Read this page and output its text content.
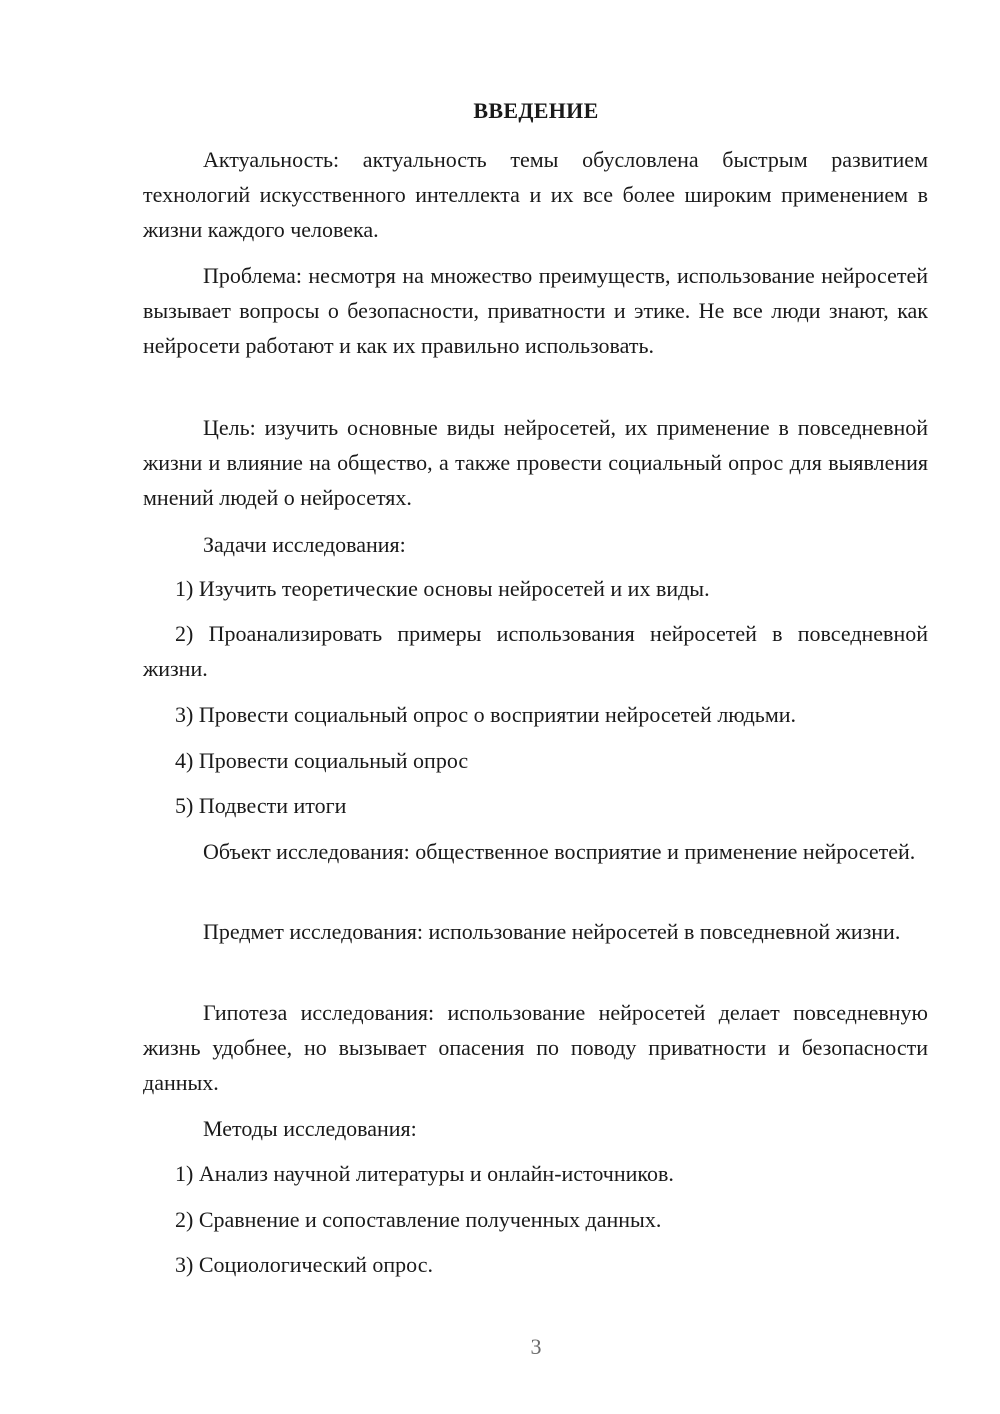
ВВЕДЕНИЕ

Актуальность: актуальность темы обусловлена быстрым развитием технологий искусственного интеллекта и их все более широким применением в жизни каждого человека.

Проблема: несмотря на множество преимуществ, использование нейросетей вызывает вопросы о безопасности, приватности и этике. Не все люди знают, как нейросети работают и как их правильно использовать.

Цель: изучить основные виды нейросетей, их применение в повседневной жизни и влияние на общество, а также провести социальный опрос для выявления мнений людей о нейросетях.

Задачи исследования:
1) Изучить теоретические основы нейросетей и их виды.

2) Проанализировать примеры использования нейросетей в повседневной жизни.

3) Провести социальный опрос о восприятии нейросетей людьми.
4) Провести социальный опрос
5) Подвести итоги

Объект исследования: общественное восприятие и применение нейросетей.

Предмет исследования: использование нейросетей в повседневной жизни.

Гипотеза исследования: использование нейросетей делает повседневную жизнь удобнее, но вызывает опасения по поводу приватности и безопасности данных.

Методы исследования:
1) Анализ научной литературы и онлайн-источников.
2) Сравнение и сопоставление полученных данных.
3) Социологический опрос.
3
